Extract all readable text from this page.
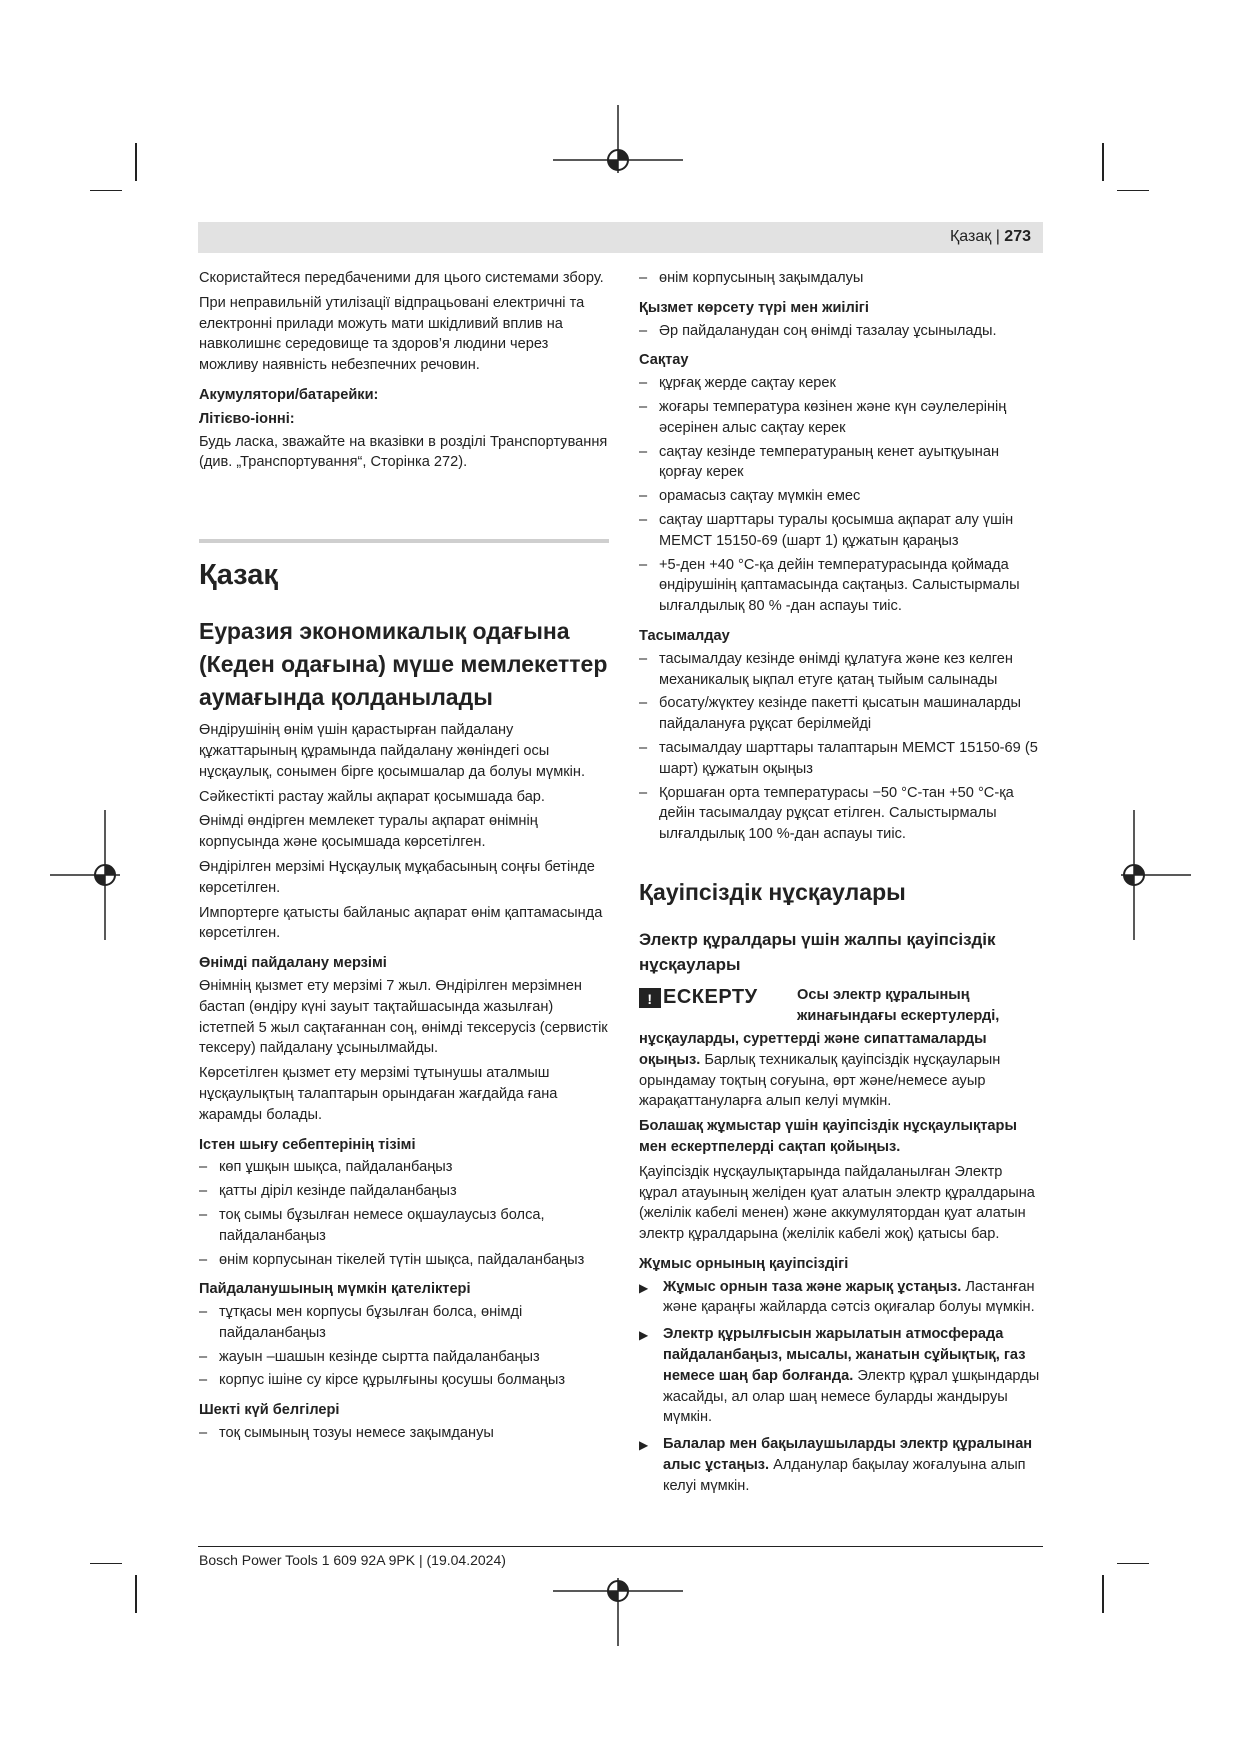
Қазақ | 273

Скористайтеся передбаченими для цього системами збору.

При неправильній утилізації відпрацьовані електричні та електронні прилади можуть мати шкідливий вплив на навколишнє середовище та здоров’я людини через можливу наявність небезпечних речовин.

Акумулятори/батарейки:

Літієво-іонні:

Будь ласка, зважайте на вказівки в розділі Транспортування (див. „Транспортування“, Сторінка 272).

Қазақ
Еуразия экономикалық одағына (Кеден одағына) мүше мемлекеттер аумағында қолданылады

Өндірушінің өнім үшін қарастырған пайдалану құжаттарының құрамында пайдалану жөніндегі осы нұсқаулық, сонымен бірге қосымшалар да болуы мүмкін.

Сәйкестікті растау жайлы ақпарат қосымшада бар.

Өнімді өндірген мемлекет туралы ақпарат өнімнің корпусында және қосымшада көрсетілген.

Өндірілген мерзімі Нұсқаулық мұқабасының соңғы бетінде көрсетілген.

Импортерге қатысты байланыс ақпарат өнім қаптамасында көрсетілген.

Өнімді пайдалану мерзімі

Өнімнің қызмет ету мерзімі 7 жыл. Өндірілген мерзімнен бастап (өндіру күні зауыт тақтайшасында жазылған) істетпей 5 жыл сақтағаннан соң, өнімді тексерусіз (сервистік тексеру) пайдалану ұсынылмайды.

Көрсетілген қызмет ету мерзімі тұтынушы аталмыш нұсқаулықтың талаптарын орындаған жағдайда ғана жарамды болады.

Істен шығу себептерінің тізімі

– көп ұшқын шықса, пайдаланбаңыз
– қатты діріл кезінде пайдаланбаңыз
– тоқ сымы бұзылған немесе оқшаулаусыз болса, пайдаланбаңыз
– өнім корпусынан тікелей түтін шықса, пайдаланбаңыз

Пайдаланушының мүмкін қателіктері

– тұтқасы мен корпусы бұзылған болса, өнімді пайдаланбаңыз
– жауын –шашын кезінде сыртта пайдаланбаңыз
– корпус ішіне су кірсе құрылғыны қосушы болмаңыз

Шекті күй белгілері

– тоқ сымының тозуы немесе зақымдануы
– өнім корпусының зақымдалуы

Қызмет көрсету түрі мен жиілігі

– Әр пайдаланудан соң өнімді тазалау ұсынылады.

Сақтау

– құрғақ жерде сақтау керек
– жоғары температура көзінен және күн сәулелерінің әсерінен алыс сақтау керек
– сақтау кезінде температураның кенет ауытқуынан қорғау керек
– орамасыз сақтау мүмкін емес
– сақтау шарттары туралы қосымша ақпарат алу үшін МЕМСТ 15150-69 (шарт 1) құжатын қараңыз
– +5-ден +40 °C-қа дейін температурасында қоймада өндірушінің қаптамасында сақтаңыз. Салыстырмалы ылғалдылық 80 % -дан аспауы тиіс.

Тасымалдау

– тасымалдау кезінде өнімді құлатуға және кез келген механикалық ықпал етуге қатаң тыйым салынады
– босату/жүктеу кезінде пакетті қысатын машиналарды пайдалануға рұқсат берілмейді
– тасымалдау шарттары талаптарын МЕМСТ 15150-69 (5 шарт) құжатын оқыңыз
– Қоршаған орта температурасы −50 °C-тан +50 °C-қа дейін тасымалдау рұқсат етілген. Салыстырмалы ылғалдылық 100 %-дан аспауы тиіс.
Қауіпсіздік нұсқаулары
Электр құралдары үшін жалпы қауіпсіздік нұсқаулары
! ЕСКЕРТУ	Осы электр құралының жинағындағы ескертулерді,

нұсқауларды, суреттерді және сипаттамаларды оқыңыз. Барлық техникалық қауіпсіздік нұсқауларын орындамау тоқтың соғуына, өрт және/немесе ауыр жарақаттануларға алып келуі мүмкін.

Болашақ жұмыстар үшін қауіпсіздік нұсқаулықтары мен ескертпелерді сақтап қойыңыз.

Қауіпсіздік нұсқаулықтарында пайдаланылған Электр құрал атауының желіден қуат алатын электр құралдарына (желілік кабелі менен) және аккумулятордан қуат алатын электр құралдарына (желілік кабелі жоқ) қатысы бар.

Жұмыс орнының қауіпсіздігі

▶ Жұмыс орнын таза және жарық ұстаңыз. Ластанған және қараңғы жайларда сәтсіз оқиғалар болуы мүмкін.
▶ Электр құрылғысын жарылатын атмосферада пайдаланбаңыз, мысалы, жанатын сұйықтық, газ немесе шаң бар болғанда. Электр құрал ұшқындарды жасайды, ал олар шаң немесе буларды жандыруы мүмкін.
▶ Балалар мен бақылаушыларды электр құралынан алыс ұстаңыз. Алданулар бақылау жоғалуына алып келуі мүмкін.
Bosch Power Tools 1 609 92A 9PK | (19.04.2024)
